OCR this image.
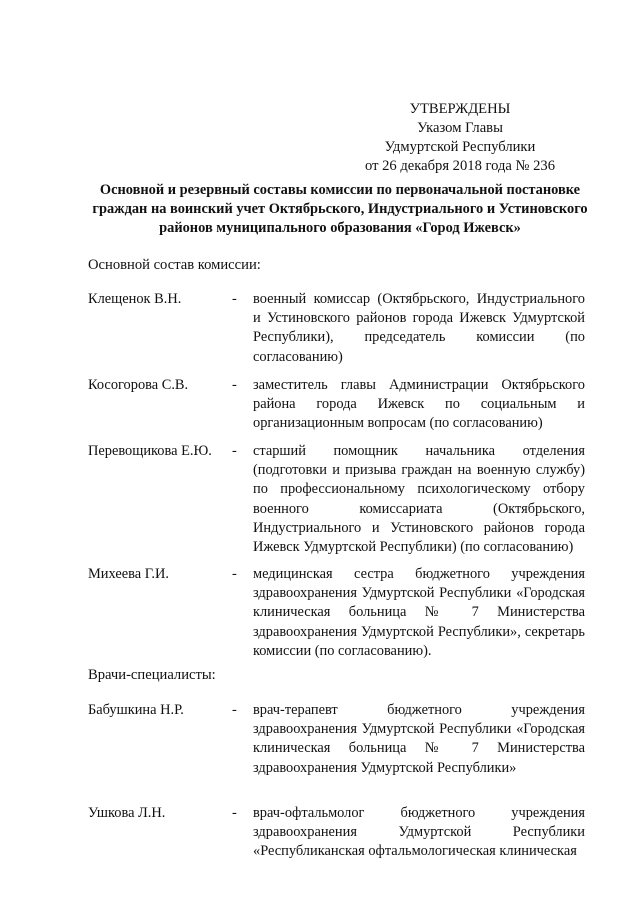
УТВЕРЖДЕНЫ
Указом Главы
Удмуртской Республики
от 26 декабря 2018 года № 236
Основной и резервный составы комиссии по первоначальной постановке граждан на воинский учет Октябрьского, Индустриального и Устиновского районов муниципального образования «Город Ижевск»
Основной состав комиссии:
Клещенок В.Н.	- военный комиссар (Октябрьского, Индустриального и Устиновского районов города Ижевск Удмуртской Республики), председатель комиссии (по согласованию)
Косогорова С.В.	- заместитель главы Администрации Октябрьского района города Ижевск по социальным и организационным вопросам (по согласованию)
Перевощикова Е.Ю. - старший помощник начальника отделения (подготовки и призыва граждан на военную службу) по профессиональному психологическому отбору военного комиссариата (Октябрьского, Индустриального и Устиновского районов города Ижевск Удмуртской Республики) (по согласованию)
Михеева Г.И.	- медицинская сестра бюджетного учреждения здравоохранения Удмуртской Республики «Городская клиническая больница № 7 Министерства здравоохранения Удмуртской Республики», секретарь комиссии (по согласованию).
Врачи-специалисты:
Бабушкина Н.Р.	- врач-терапевт бюджетного учреждения здравоохранения Удмуртской Республики «Городская клиническая больница № 7 Министерства здравоохранения Удмуртской Республики»
Ушкова Л.Н.	- врач-офтальмолог бюджетного учреждения здравоохранения Удмуртской Республики «Республиканская офтальмологическая клиническая
